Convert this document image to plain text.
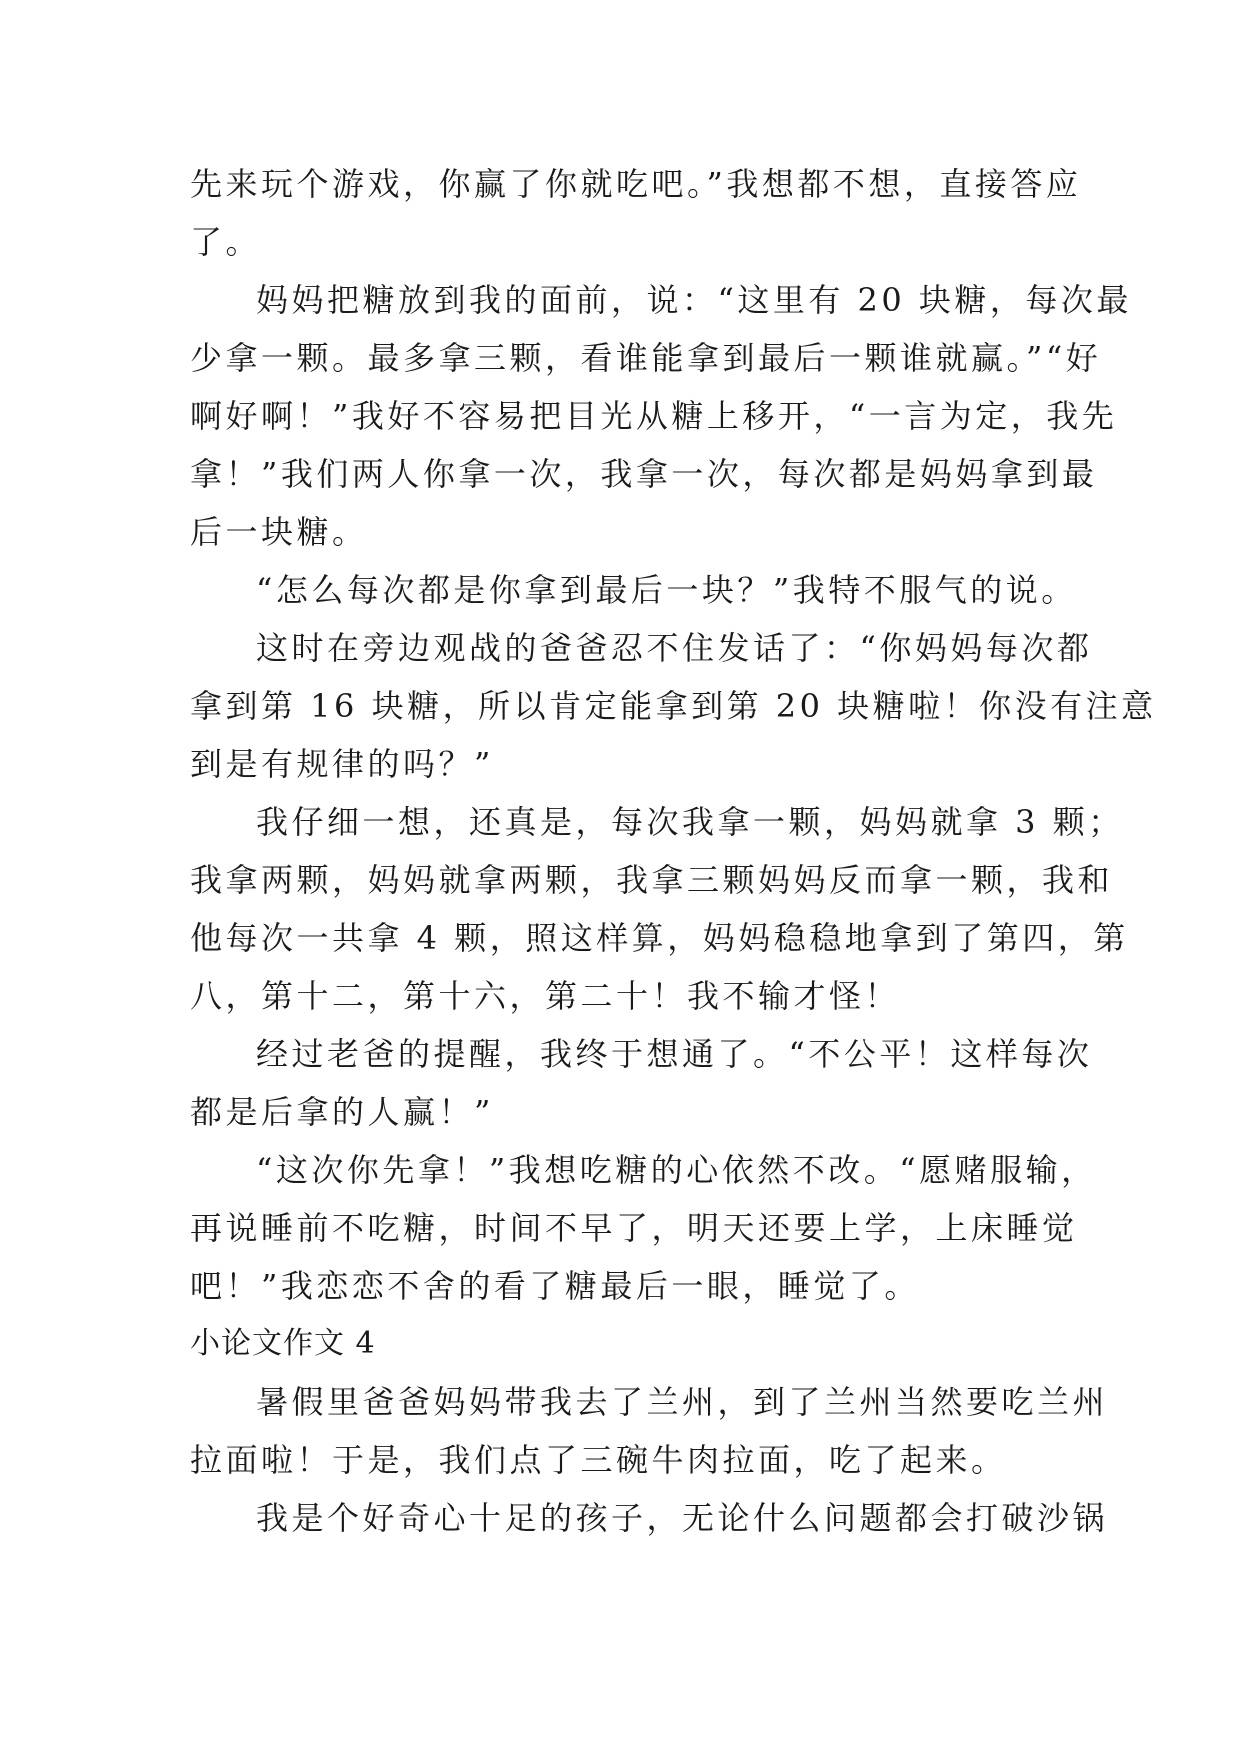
先来玩个游戏，你赢了你就吃吧。”我想都不想，直接答应
了。
妈妈把糖放到我的面前，说：“这里有 20 块糖，每次最
少拿一颗。最多拿三颗，看谁能拿到最后一颗谁就赢。”“好
啊好啊！”我好不容易把目光从糖上移开，“一言为定，我先
拿！”我们两人你拿一次，我拿一次，每次都是妈妈拿到最
后一块糖。
“怎么每次都是你拿到最后一块？”我特不服气的说。
这时在旁边观战的爸爸忍不住发话了：“你妈妈每次都
拿到第 16 块糖，所以肯定能拿到第 20 块糖啦！你没有注意
到是有规律的吗？”
我仔细一想，还真是，每次我拿一颗，妈妈就拿 3 颗；
我拿两颗，妈妈就拿两颗，我拿三颗妈妈反而拿一颗，我和
他每次一共拿 4 颗，照这样算，妈妈稳稳地拿到了第四，第
八，第十二，第十六，第二十！我不输才怪！
经过老爸的提醒，我终于想通了。“不公平！这样每次
都是后拿的人赢！”
“这次你先拿！”我想吃糖的心依然不改。“愿赌服输，
再说睡前不吃糖，时间不早了，明天还要上学，上床睡觉
吧！”我恋恋不舍的看了糖最后一眼，睡觉了。
小论文作文 4
暑假里爸爸妈妈带我去了兰州，到了兰州当然要吃兰州
拉面啦！于是，我们点了三碗牛肉拉面，吃了起来。
我是个好奇心十足的孩子，无论什么问题都会打破沙锅
